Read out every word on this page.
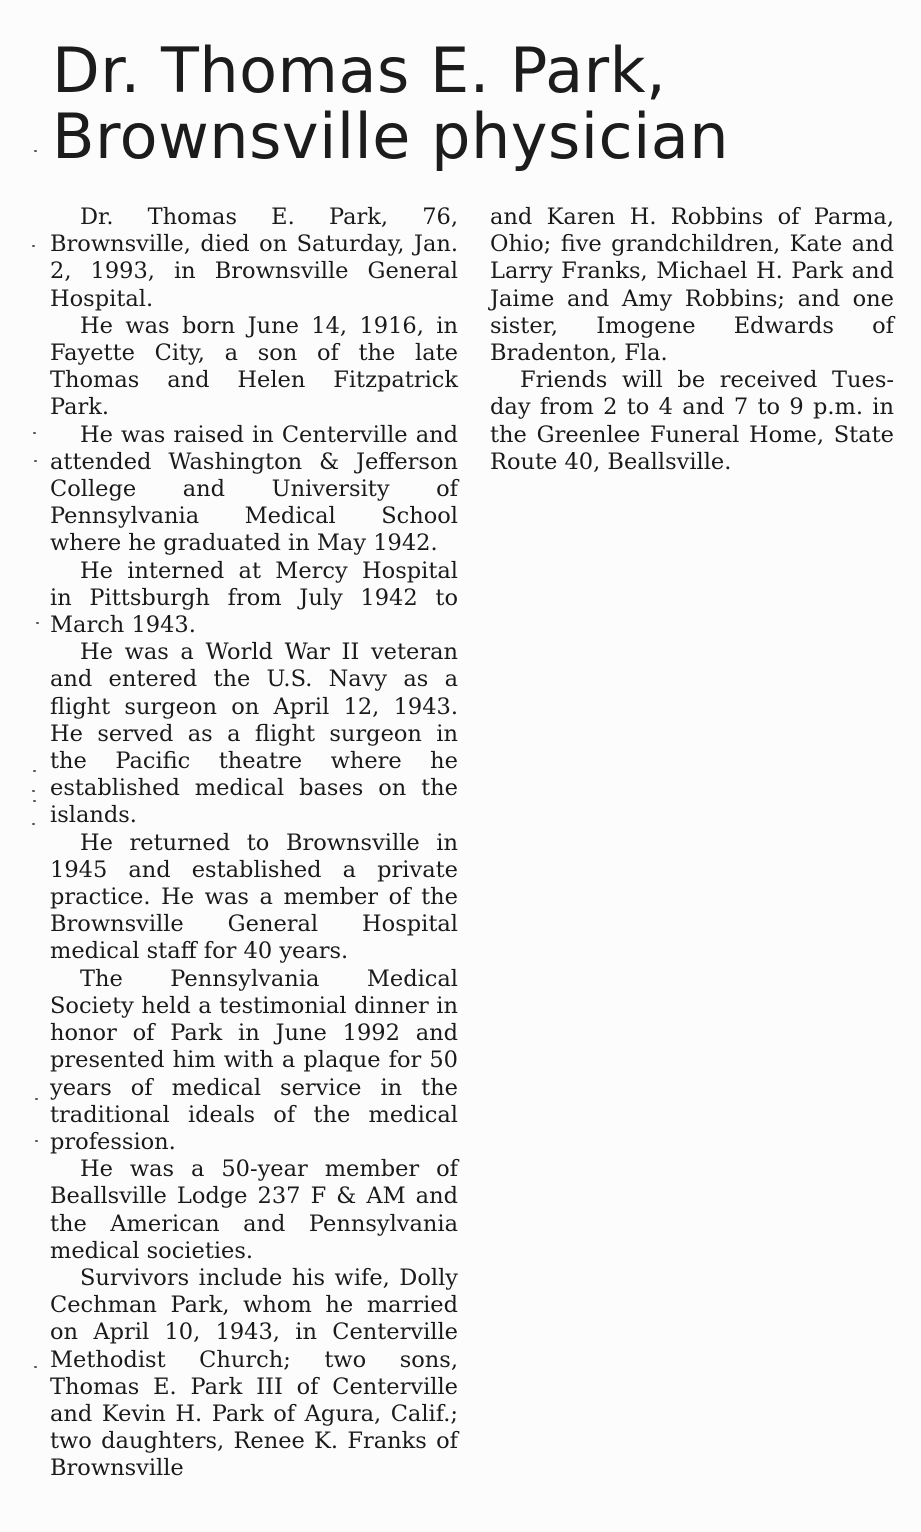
Dr. Thomas E. Park,
Brownsville physician

Dr. Thomas E. Park, 76, Brownsville, died on Saturday, Jan. 2, 1993, in Brownsville General Hospital.

He was born June 14, 1916, in Fayette City, a son of the late Thomas and Helen Fitzpatrick Park.

He was raised in Centerville and attended Washington & Jefferson College and University of Pennsylvania Medical School where he graduated in May 1942.

He interned at Mercy Hospital in Pittsburgh from July 1942 to March 1943.

He was a World War II veteran and entered the U.S. Navy as a flight surgeon on April 12, 1943. He served as a flight surgeon in the Pacific theatre where he established medical bases on the islands.

He returned to Brownsville in 1945 and established a private practice. He was a member of the Brownsville General Hospital medical staff for 40 years.

The Pennsylvania Medical Society held a testimonial dinner in honor of Park in June 1992 and presented him with a plaque for 50 years of medical service in the traditional ideals of the medical profession.

He was a 50-year member of Beallsville Lodge 237 F & AM and the American and Pennsylvania medical societies.

Survivors include his wife, Dolly Cechman Park, whom he married on April 10, 1943, in Centerville Methodist Church; two sons, Thomas E. Park III of Centerville and Kevin H. Park of Agura, Calif.; two daughters, Renee K. Franks of Brownsville

and Karen H. Robbins of Parma, Ohio; five grandchildren, Kate and Larry Franks, Michael H. Park and Jaime and Amy Robbins; and one sister, Imogene Edwards of Bradenton, Fla.

Friends will be received Tuesday from 2 to 4 and 7 to 9 p.m. in the Greenlee Funeral Home, State Route 40, Beallsville.
